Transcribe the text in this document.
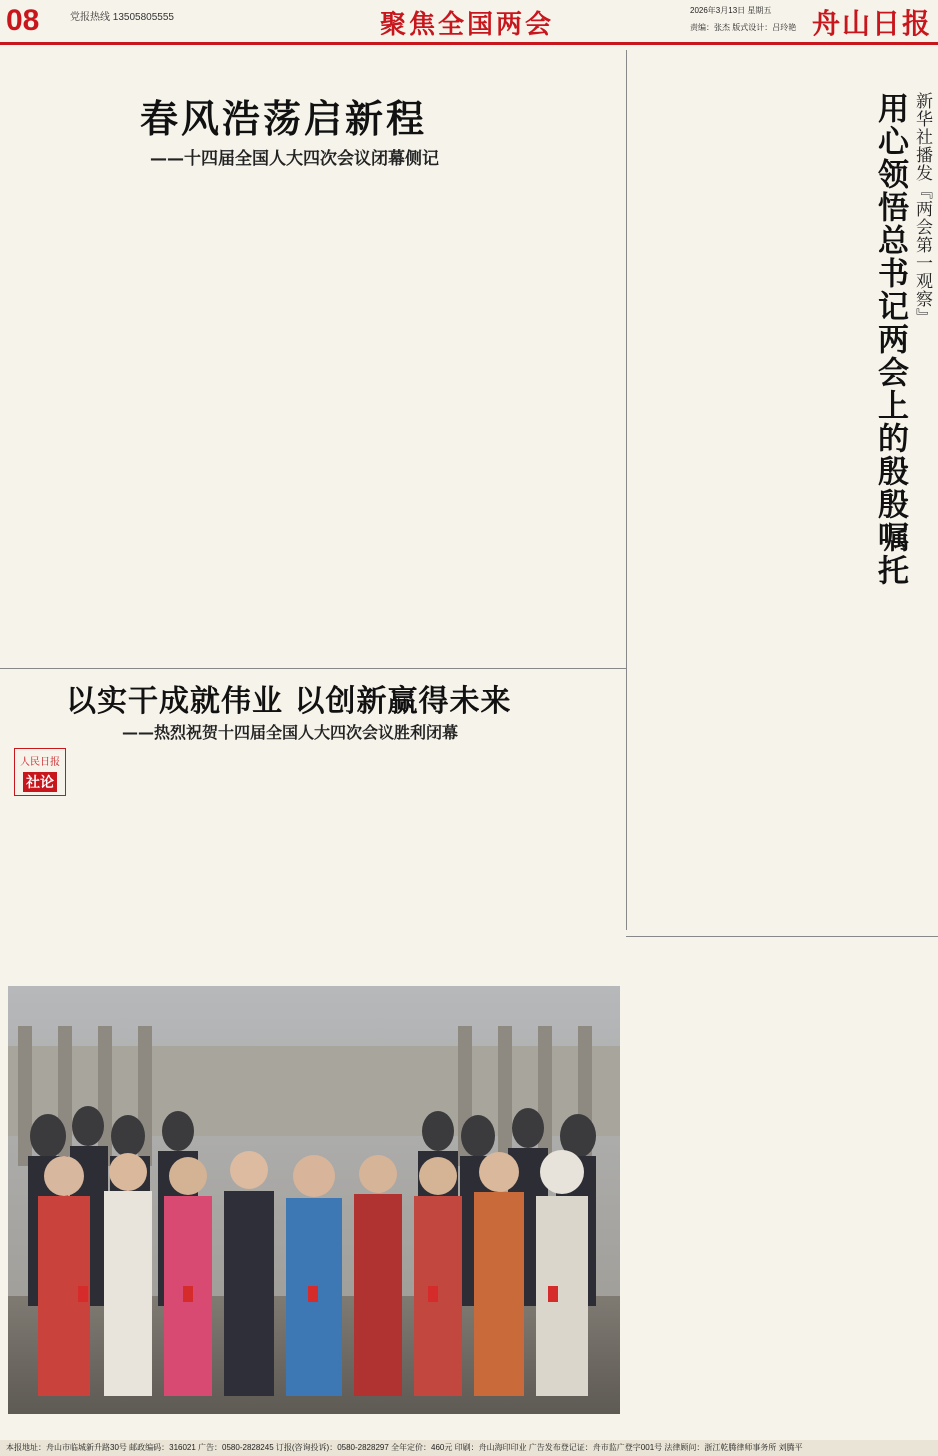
08	党报热线 13505805555	聚焦全国两会	2026年3月13日 星期五
责编：张杰 版式设计：吕玲艳 舟山日报
春风浩荡启新程
——十四届全国人大四次会议闭幕侧记
以实干成就伟业 以创新赢得未来
——热烈祝贺十四届全国人大四次会议胜利闭幕
人民日报
社论
新华社播发『两会第一观察』
用心领悟总书记两会上的殷殷嘱托
本报地址：舟山市临城新升路30号 邮政编码：316021 广告：0580-2828245 订报(咨询投诉)：0580-2828297 全年定价：460元 印刷：舟山海印印业 广告发布登记证：舟市监广登字001号 法律顾问：浙江乾腾律师事务所 刘腾平
